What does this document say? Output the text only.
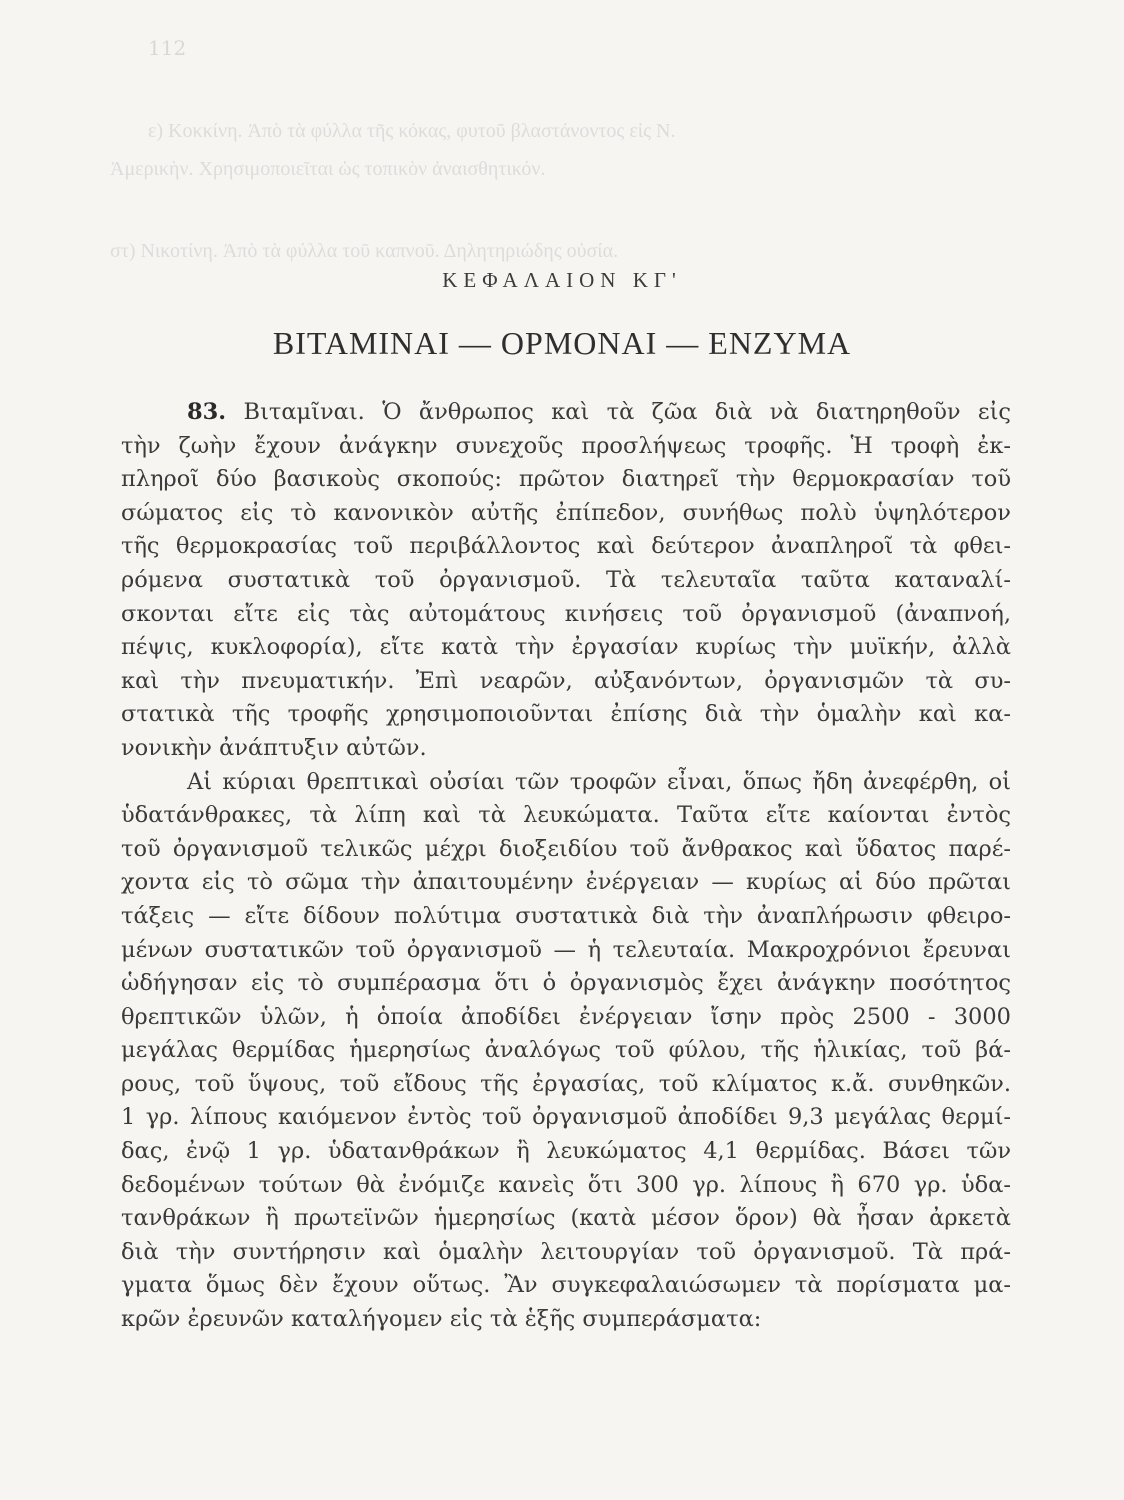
112
ε) Κοκκίνη. Ἀπὸ τὰ φύλλα τῆς κόκας, φυτοῦ βλαστάνοντος εἰς Ν.
Ἀμερικὴν. Χρησιμοποιεῖται ὡς τοπικὸν ἀναισθητικόν.
στ) Νικοτίνη. Ἀπὸ τὰ φύλλα τοῦ καπνοῦ. Δηλητηριώδης οὐσία.
ΚΕΦΑΛΑΙΟΝ ΚΓ'
ΒΙΤΑΜΙΝΑΙ — ΟΡΜΟΝΑΙ — ΕΝΖΥΜΑ
83. Βιταμῖναι. Ὁ ἄνθρωπος καὶ τὰ ζῶα διὰ νὰ διατηρηθοῦν εἰς
τὴν ζωὴν ἔχουν ἀνάγκην συνεχοῦς προσλήψεως τροφῆς. Ἡ τροφὴ ἐκ-
πληροῖ δύο βασικοὺς σκοπούς: πρῶτον διατηρεῖ τὴν θερμοκρασίαν τοῦ
σώματος εἰς τὸ κανονικὸν αὐτῆς ἐπίπεδον, συνήθως πολὺ ὑψηλότερον
τῆς θερμοκρασίας τοῦ περιβάλλοντος καὶ δεύτερον ἀναπληροῖ τὰ φθει-
ρόμενα συστατικὰ τοῦ ὀργανισμοῦ. Τὰ τελευταῖα ταῦτα καταναλί-
σκονται εἴτε εἰς τὰς αὐτομάτους κινήσεις τοῦ ὀργανισμοῦ (ἀναπνοή,
πέψις, κυκλοφορία), εἴτε κατὰ τὴν ἐργασίαν κυρίως τὴν μυϊκήν, ἀλλὰ
καὶ τὴν πνευματικήν. Ἐπὶ νεαρῶν, αὐξανόντων, ὀργανισμῶν τὰ συ-
στατικὰ τῆς τροφῆς χρησιμοποιοῦνται ἐπίσης διὰ τὴν ὁμαλὴν καὶ κα-
νονικὴν ἀνάπτυξιν αὐτῶν.
Αἱ κύριαι θρεπτικαὶ οὐσίαι τῶν τροφῶν εἶναι, ὅπως ἤδη ἀνεφέρθη, οἱ
ὑδατάνθρακες, τὰ λίπη καὶ τὰ λευκώματα. Ταῦτα εἴτε καίονται ἐντὸς
τοῦ ὀργανισμοῦ τελικῶς μέχρι διοξειδίου τοῦ ἄνθρακος καὶ ὕδατος παρέ-
χοντα εἰς τὸ σῶμα τὴν ἀπαιτουμένην ἐνέργειαν — κυρίως αἱ δύο πρῶται
τάξεις — εἴτε δίδουν πολύτιμα συστατικὰ διὰ τὴν ἀναπλήρωσιν φθειρο-
μένων συστατικῶν τοῦ ὀργανισμοῦ — ἡ τελευταία. Μακροχρόνιοι ἔρευναι
ὡδήγησαν εἰς τὸ συμπέρασμα ὅτι ὁ ὀργανισμὸς ἔχει ἀνάγκην ποσότητος
θρεπτικῶν ὑλῶν, ἡ ὁποία ἀποδίδει ἐνέργειαν ἴσην πρὸς 2500 - 3000
μεγάλας θερμίδας ἡμερησίως ἀναλόγως τοῦ φύλου, τῆς ἡλικίας, τοῦ βά-
ρους, τοῦ ὕψους, τοῦ εἴδους τῆς ἐργασίας, τοῦ κλίματος κ.ἄ. συνθηκῶν.
1 γρ. λίπους καιόμενον ἐντὸς τοῦ ὀργανισμοῦ ἀποδίδει 9,3 μεγάλας θερμί-
δας, ἐνῷ 1 γρ. ὑδατανθράκων ἢ λευκώματος 4,1 θερμίδας. Βάσει τῶν
δεδομένων τούτων θὰ ἐνόμιζε κανεὶς ὅτι 300 γρ. λίπους ἢ 670 γρ. ὑδα-
τανθράκων ἢ πρωτεϊνῶν ἡμερησίως (κατὰ μέσον ὅρον) θὰ ἦσαν ἀρκετὰ
διὰ τὴν συντήρησιν καὶ ὁμαλὴν λειτουργίαν τοῦ ὀργανισμοῦ. Τὰ πρά-
γματα ὅμως δὲν ἔχουν οὕτως. Ἂν συγκεφαλαιώσωμεν τὰ πορίσματα μα-
κρῶν ἐρευνῶν καταλήγομεν εἰς τὰ ἑξῆς συμπεράσματα:
